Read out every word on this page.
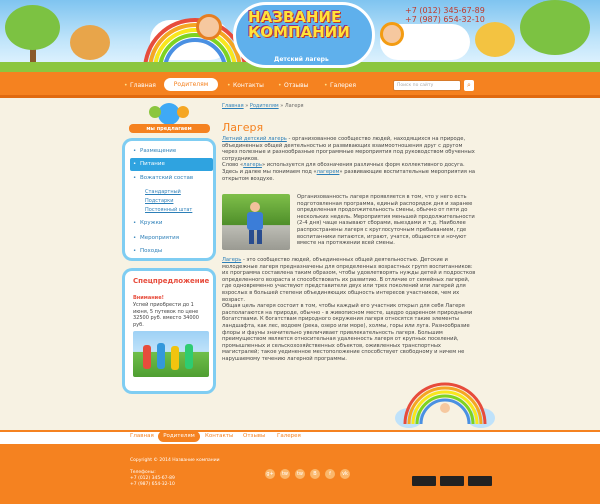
НАЗВАНИЕ
КОМПАНИИ
Детский лагерь
+7 (012) 345-67-89
+7 (987) 654-32-10
• Главная	Родителям	• Контакты	• Отзывы	• Галерея	Поиск по сайту	⌕
мы предлагаем
• Размещение
• Питание
• Вожатский состав
Стандартный
Подстарки
Постоянный штат
• Кружки
• Мероприятия
• Походы
Спецпредложение
Внимание!
Успей приобрести до 1 июня, 5 путевок по цене 32500 руб. вместо 34000 руб.
Главная » Родителям » Лагеря
Лагеря
Летний детский лагерь - организованное сообщество людей, находящихся на природе, объединенных общей деятельностью и развивающих взаимоотношения друг с другом через полезные и разнообразные программные мероприятия под руководством обученных сотрудников.
Слово «лагерь» используется для обозначения различных форм коллективного досуга. Здесь и далее мы понимаем под «лагерем» развивающие воспитательные мероприятия на открытом воздухе.
Организованность лагеря проявляется в том, что у него есть подготовленная программа, единый распорядок дня и заранее определенная продолжительность смены, обычно от пяти до нескольких недель. Мероприятия меньшей продолжительности (2-4 дня) чаще называют сборами, выездами и т.д. Наиболее распространены лагеря с круглосуточным пребыванием, где воспитанники питаются, играют, учатся, общаются и ночуют вместе на протяжении всей смены.
Лагерь - это сообщество людей, объединенных общей деятельностью. Детские и молодежные лагеря предназначены для определенных возрастных групп воспитанников: их программа составлена таким образом, чтобы удовлетворять нужды детей и подростков определенного возраста и способствовать их развитию. В отличие от семейных лагерей, где одновременно участвуют представители двух или трех поколений или лагерей для взрослых в большей степени объединяющих общность интересов участников, чем их возраст.
Общая цель лагеря состоит в том, чтобы каждый его участник открыл для себя Лагеря располагаются на природе, обычно - в живописном месте, щедро одаренном природными богатствами. К богатствам природного окружения лагеря относятся такие элементы ландшафта, как лес, водоем (река, озеро или море), холмы, горы или луга. Разнообразие флоры и фауны значительно увеличивает привлекательность лагеря. Большим преимуществом является относительная удаленность лагеря от крупных поселений, промышленных и сельскохозяйственных объектов, оживленных транспортных магистралей; такое уединенное местоположение способствует свободному и ничем не нарушаемому течению лагерной программы.
Главная	Родителям	Контакты Отзывы Галерея
Copyright © 2014 Название компании
Телефоны:
+7 (012) 345-67-89
+7 (987) 654-32-10
g+	tw	tw	B	f	vk
